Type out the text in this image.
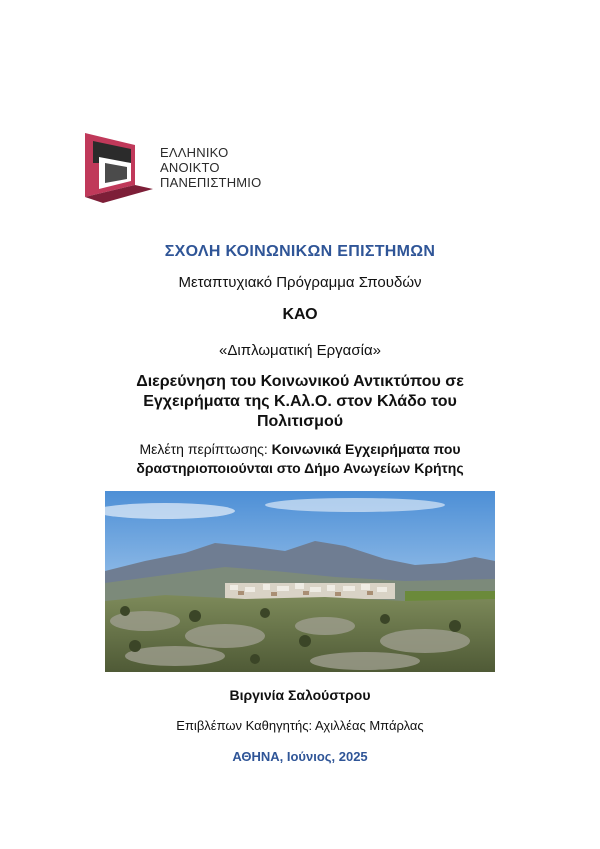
ΕΛΛΗΝΙΚΟ
ΑΝΟΙΚΤΟ
ΠΑΝΕΠΙΣΤΗΜΙΟ
ΣΧΟΛΗ ΚΟΙΝΩΝΙΚΩΝ ΕΠΙΣΤΗΜΩΝ
Μεταπτυχιακό Πρόγραμμα Σπουδών
ΚΑΟ
«Διπλωματική Εργασία»
Διερεύνηση του Κοινωνικού Αντικτύπου σε
Εγχειρήματα της Κ.Αλ.Ο. στον Κλάδο του
Πολιτισμού
Μελέτη περίπτωσης: Κοινωνικά Εγχειρήματα που
δραστηριοποιούνται στο Δήμο Ανωγείων Κρήτης
Βιργινία Σαλούστρου
Επιβλέπων Καθηγητής: Αχιλλέας Μπάρλας
ΑΘΗΝΑ, Ιούνιος, 2025
